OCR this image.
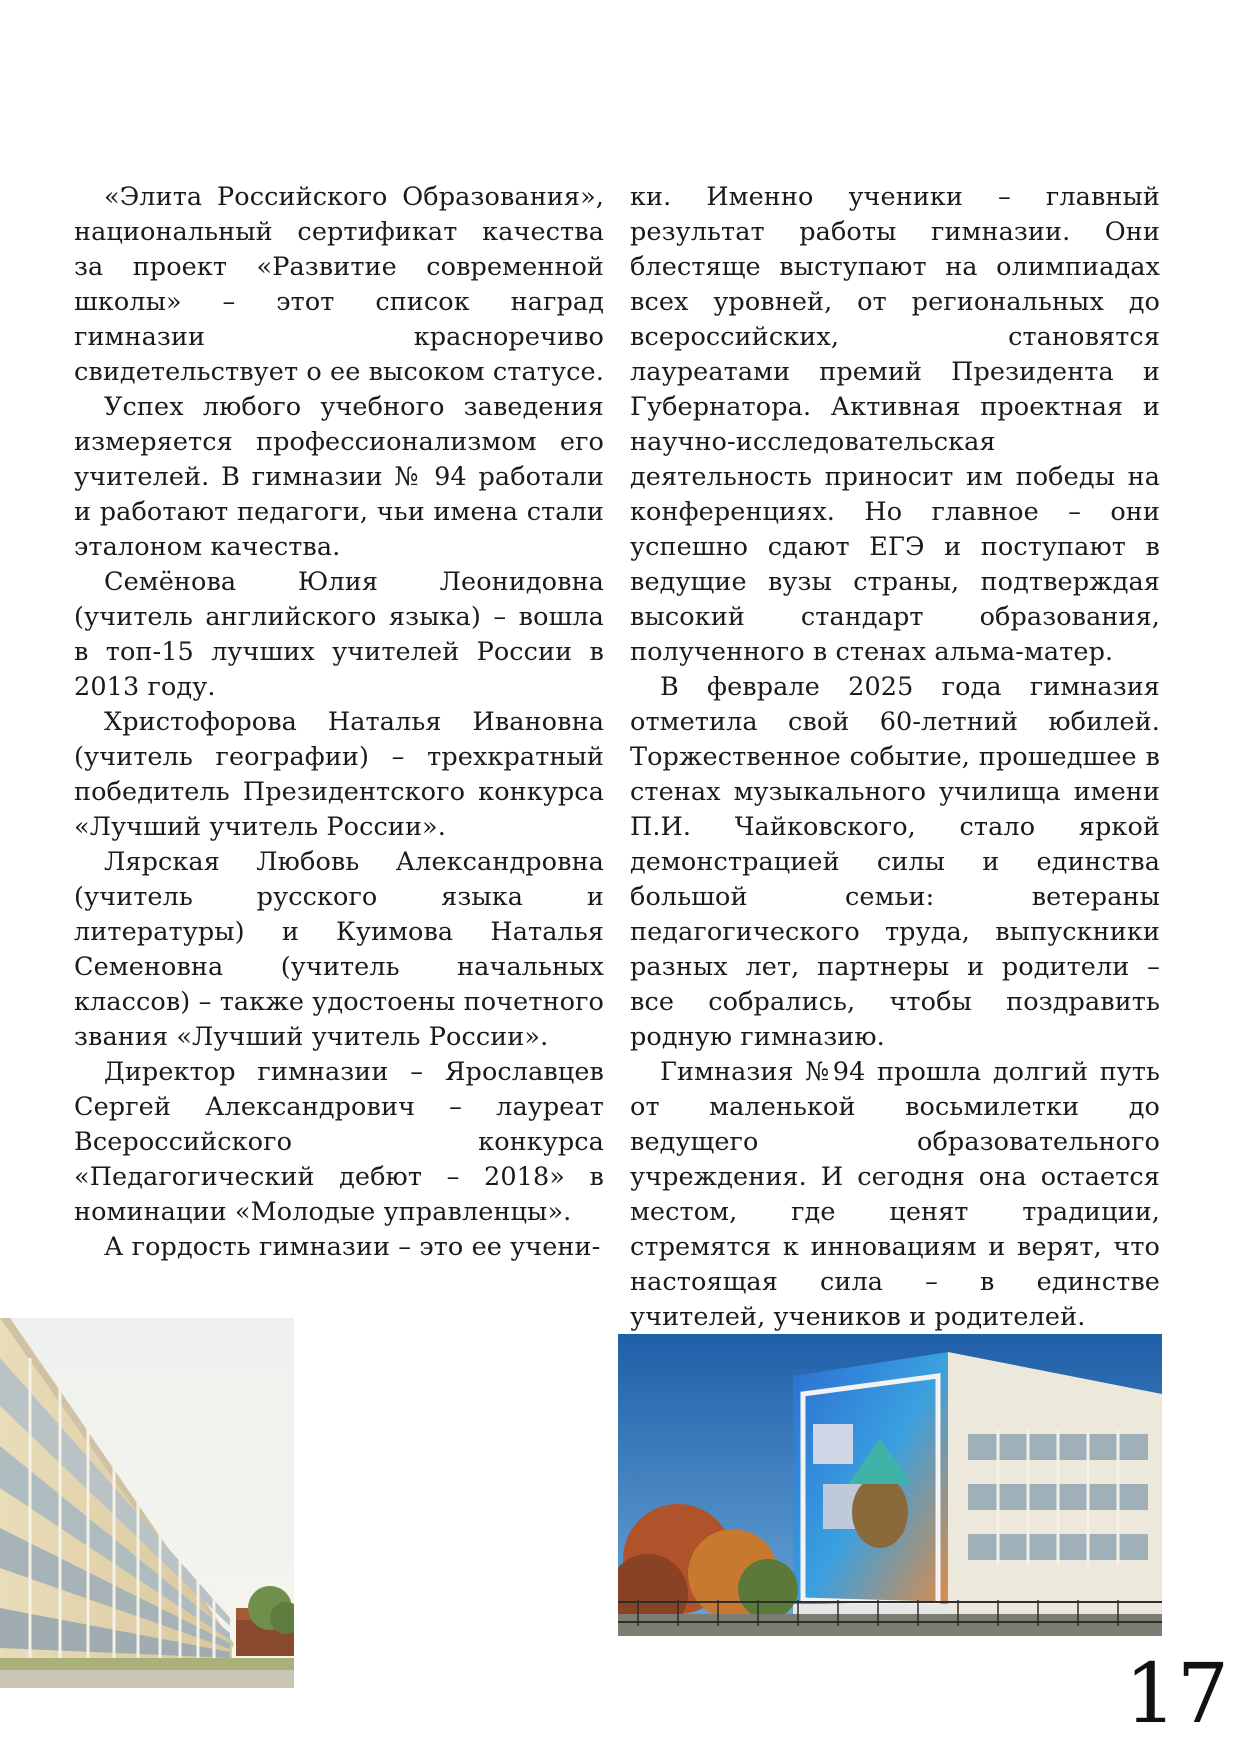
«Элита Российского Образования», национальный сертификат качества за проект «Развитие современной школы» – этот список наград гимназии красноречиво свидетельствует о ее высоком статусе.

Успех любого учебного заведения измеряется профессионализмом его учителей. В гимназии № 94 работали и работают педагоги, чьи имена стали эталоном качества.

Семёнова Юлия Леонидовна (учитель английского языка) – вошла в топ-15 лучших учителей России в 2013 году.

Христофорова Наталья Ивановна (учитель географии) – трехкратный победитель Президентского конкурса «Лучший учитель России».

Лярская Любовь Александровна (учитель русского языка и литературы) и Куимова Наталья Семеновна (учитель начальных классов) – также удостоены почетного звания «Лучший учитель России».

Директор гимназии – Ярославцев Сергей Александрович – лауреат Всероссийского конкурса «Педагогический дебют – 2018» в номинации «Молодые управленцы».

А гордость гимназии – это ее учени-

ки. Именно ученики – главный результат работы гимназии. Они блестяще выступают на олимпиадах всех уровней, от региональных до всероссийских, становятся лауреатами премий Президента и Губернатора. Активная проектная и научно-исследовательская деятельность приносит им победы на конференциях. Но главное – они успешно сдают ЕГЭ и поступают в ведущие вузы страны, подтверждая высокий стандарт образования, полученного в стенах альма-матер.

В феврале 2025 года гимназия отметила свой 60-летний юбилей. Торжественное событие, прошедшее в стенах музыкального училища имени П.И. Чайковского, стало яркой демонстрацией силы и единства большой семьи: ветераны педагогического труда, выпускники разных лет, партнеры и родители – все собрались, чтобы поздравить родную гимназию.

Гимназия №94 прошла долгий путь от маленькой восьмилетки до ведущего образовательного учреждения. И сегодня она остается местом, где ценят традиции, стремятся к инновациям и верят, что настоящая сила – в единстве учителей, учеников и родителей.

17
